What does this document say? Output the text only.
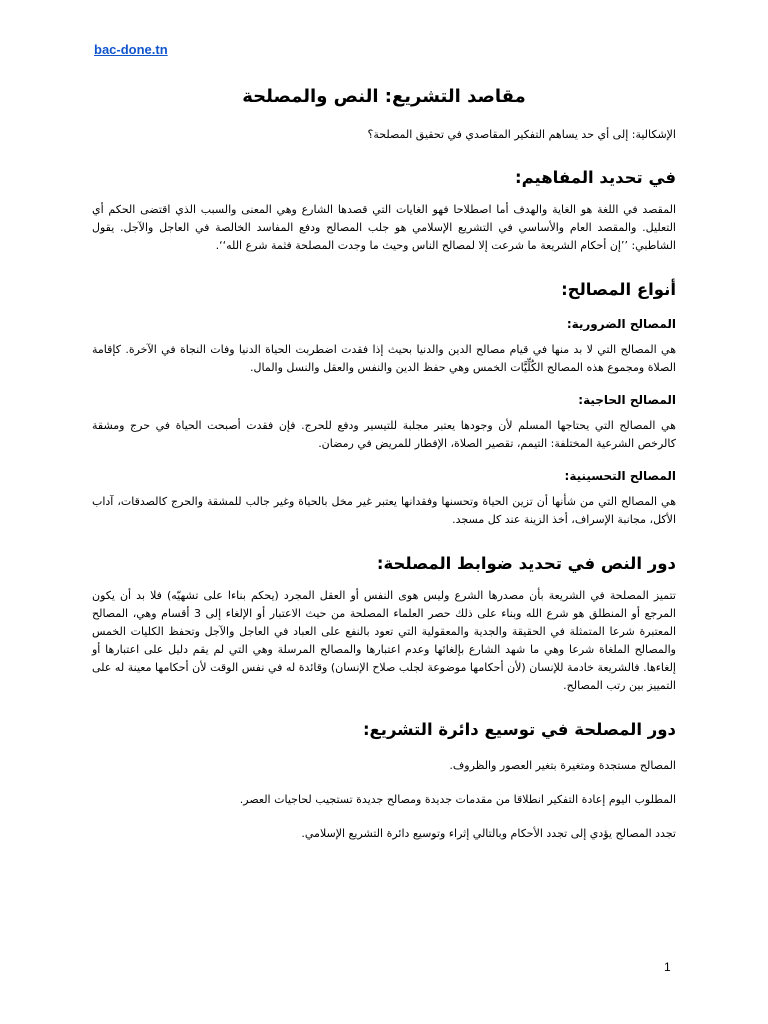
bac-done.tn
مقاصد التشريع: النص والمصلحة

الإشكالية: إلى أي حد يساهم التفكير المقاصدي في تحقيق المصلحة؟

في تحديد المفاهيم:

المقصد في اللغة هو الغاية والهدف أما اصطلاحا فهو الغايات التي قصدها الشارع وهي المعنى والسبب الذي اقتضى الحكم أي التعليل. والمقصد العام والأساسي في التشريع الإسلامي هو جلب المصالح ودفع المفاسد الخالصة في العاجل والآجل. يقول الشاطبي: ’’إن أحكام الشريعة ما شرعت إلا لمصالح الناس وحيث ما وجدت المصلحة فثمة شرع الله‘‘.

أنواع المصالح:
المصالح الضرورية:

هي المصالح التي لا بد منها في قيام مصالح الدين والدنيا بحيث إذا فقدت اضطربت الحياة الدنيا وفات النجاة في الآخرة. كإقامة الصلاة ومجموع هذه المصالح الكُلِّيَّات الخمس وهي حفظ الدين والنفس والعقل والنسل والمال.

المصالح الحاجية:

هي المصالح التي يحتاجها المسلم لأن وجودها يعتبر مجلبة للتيسير ودفع للحرج. فإن فقدت أصبحت الحياة في حرج ومشقة كالرخص الشرعية المختلفة: التيمم، تقصير الصلاة، الإفطار للمريض في رمضان.

المصالح التحسينية:

هي المصالح التي من شأنها أن تزين الحياة وتحسنها وفقدانها يعتبر غير مخل بالحياة وغير جالب للمشقة والحرج كالصدقات، آداب الأكل، مجانبة الإسراف، أخذ الزينة عند كل مسجد.

دور النص في تحديد ضوابط المصلحة:

تتميز المصلحة في الشريعة بأن مصدرها الشرع وليس هوى النفس أو العقل المجرد (يحكم بناءا على تشهيّه) فلا بد أن يكون المرجع أو المنطلق هو شرع الله وبناء على ذلك حصر العلماء المصلحة من حيث الاعتبار أو الإلغاء إلى 3 أقسام وهي، المصالح المعتبرة شرعا المتمثلة في الحقيقة والجدية والمعقولية التي تعود بالنفع على العباد في العاجل والآجل وتحفظ الكليات الخمس والمصالح الملغاة شرعا وهي ما شهد الشارع بإلغائها وعدم اعتبارها والمصالح المرسلة وهي التي لم يقم دليل على اعتبارها أو إلغاءها. فالشريعة خادمة للإنسان (لأن أحكامها موضوعة لجلب صلاح الإنسان) وقائدة له في نفس الوقت لأن أحكامها معينة له على التمييز بين رتب المصالح.

دور المصلحة في توسيع دائرة التشريع:

المصالح مستجدة ومتغيرة بتغير العصور والظروف.

المطلوب اليوم إعادة التفكير انطلاقا من مقدمات جديدة ومصالح جديدة تستجيب لحاجيات العصر.

تجدد المصالح يؤدي إلى تجدد الأحكام وبالتالي إثراء وتوسيع دائرة التشريع الإسلامي.

1
